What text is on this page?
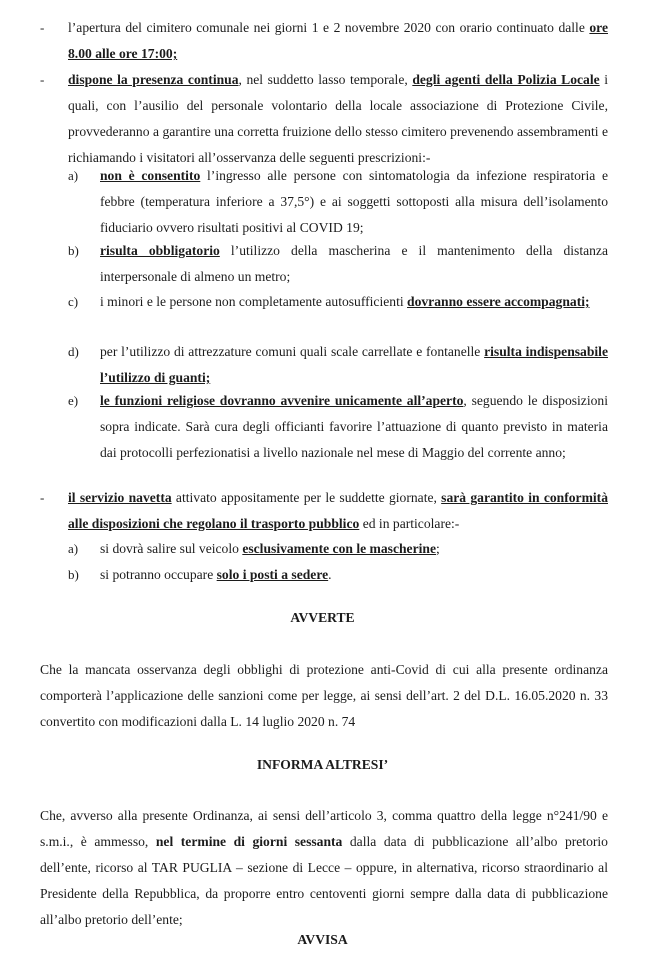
- l’apertura del cimitero comunale nei giorni 1 e 2 novembre 2020 con orario continuato dalle ore 8.00 alle ore 17:00;
- dispone la presenza continua, nel suddetto lasso temporale, degli agenti della Polizia Locale i quali, con l’ausilio del personale volontario della locale associazione di Protezione Civile, provvederanno a garantire una corretta fruizione dello stesso cimitero prevenendo assembramenti e richiamando i visitatori all’osservanza delle seguenti prescrizioni:-
a) non è consentito l’ingresso alle persone con sintomatologia da infezione respiratoria e febbre (temperatura inferiore a 37,5°) e ai soggetti sottoposti alla misura dell’isolamento fiduciario ovvero risultati positivi al COVID 19;
b) risulta obbligatorio l’utilizzo della mascherina e il mantenimento della distanza interpersonale di almeno un metro;
c) i minori e le persone non completamente autosufficienti dovranno essere accompagnati;
d) per l’utilizzo di attrezzature comuni quali scale carrellate e fontanelle risulta indispensabile l’utilizzo di guanti;
e) le funzioni religiose dovranno avvenire unicamente all’aperto, seguendo le disposizioni sopra indicate. Sarà cura degli officianti favorire l’attuazione di quanto previsto in materia dai protocolli perfezionatisi a livello nazionale nel mese di Maggio del corrente anno;
- il servizio navetta attivato appositamente per le suddette giornate, sarà garantito in conformità alle disposizioni che regolano il trasporto pubblico ed in particolare:-
a) si dovrà salire sul veicolo esclusivamente con le mascherine;
b) si potranno occupare solo i posti a sedere.
AVVERTE
Che la mancata osservanza degli obblighi di protezione anti-Covid di cui alla presente ordinanza comporterà l’applicazione delle sanzioni come per legge, ai sensi dell’art. 2 del D.L. 16.05.2020 n. 33 convertito con modificazioni dalla L. 14 luglio 2020 n. 74
INFORMA ALTRESI’
Che, avverso alla presente Ordinanza, ai sensi dell’articolo 3, comma quattro della legge n°241/90 e s.m.i., è ammesso, nel termine di giorni sessanta dalla data di pubblicazione all’albo pretorio dell’ente, ricorso al TAR PUGLIA – sezione di Lecce – oppure, in alternativa, ricorso straordinario al Presidente della Repubblica, da proporre entro centoventi giorni sempre dalla data di pubblicazione all’albo pretorio dell’ente;
AVVISA
